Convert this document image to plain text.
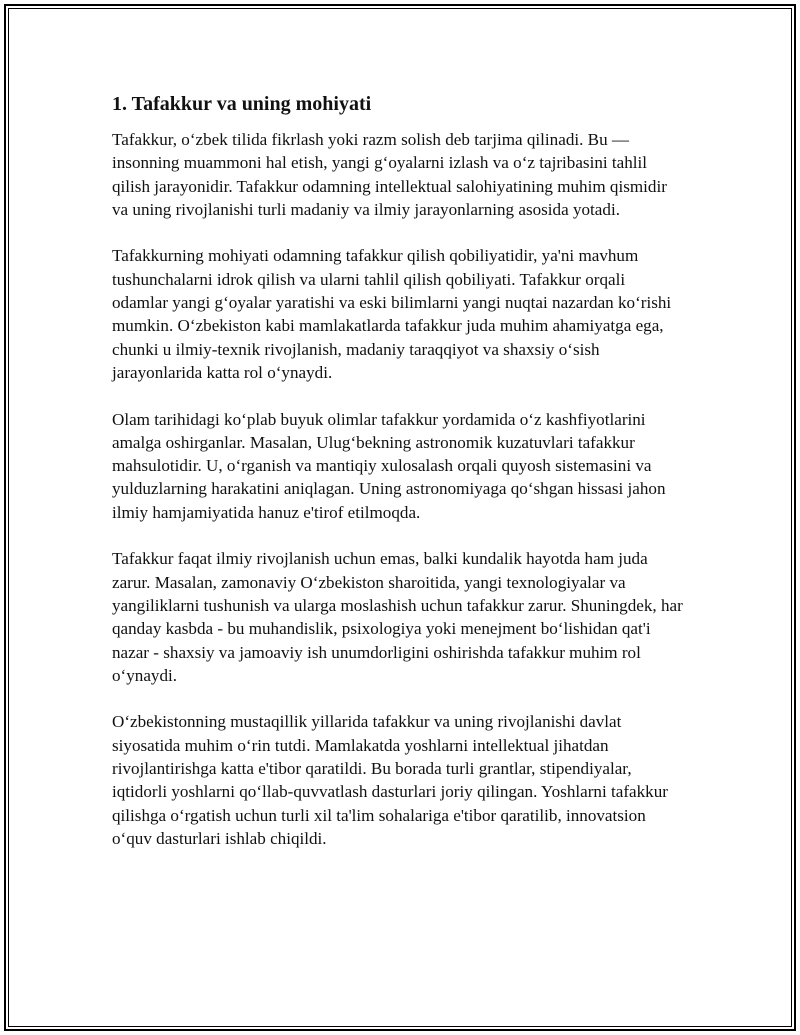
1. Tafakkur va uning mohiyati

Tafakkur, o‘zbek tilida fikrlash yoki razm solish deb tarjima qilinadi. Bu — insonning muammoni hal etish, yangi g‘oyalarni izlash va o‘z tajribasini tahlil qilish jarayonidir. Tafakkur odamning intellektual salohiyatining muhim qismidir va uning rivojlanishi turli madaniy va ilmiy jarayonlarning asosida yotadi.

Tafakkurning mohiyati odamning tafakkur qilish qobiliyatidir, ya'ni mavhum tushunchalarni idrok qilish va ularni tahlil qilish qobiliyati. Tafakkur orqali odamlar yangi g‘oyalar yaratishi va eski bilimlarni yangi nuqtai nazardan ko‘rishi mumkin. O‘zbekiston kabi mamlakatlarda tafakkur juda muhim ahamiyatga ega, chunki u ilmiy-texnik rivojlanish, madaniy taraqqiyot va shaxsiy o‘sish jarayonlarida katta rol o‘ynaydi.

Olam tarihidagi ko‘plab buyuk olimlar tafakkur yordamida o‘z kashfiyotlarini amalga oshirganlar. Masalan, Ulug‘bekning astronomik kuzatuvlari tafakkur mahsulotidir. U, o‘rganish va mantiqiy xulosalash orqali quyosh sistemasini va yulduzlarning harakatini aniqlagan. Uning astronomiyaga qo‘shgan hissasi jahon ilmiy hamjamiyatida hanuz e'tirof etilmoqda.

Tafakkur faqat ilmiy rivojlanish uchun emas, balki kundalik hayotda ham juda zarur. Masalan, zamonaviy O‘zbekiston sharoitida, yangi texnologiyalar va yangiliklarni tushunish va ularga moslashish uchun tafakkur zarur. Shuningdek, har qanday kasbda - bu muhandislik, psixologiya yoki menejment bo‘lishidan qat'i nazar - shaxsiy va jamoaviy ish unumdorligini oshirishda tafakkur muhim rol o‘ynaydi.

O‘zbekistonning mustaqillik yillarida tafakkur va uning rivojlanishi davlat siyosatida muhim o‘rin tutdi. Mamlakatda yoshlarni intellektual jihatdan rivojlantirishga katta e'tibor qaratildi. Bu borada turli grantlar, stipendiyalar, iqtidorli yoshlarni qo‘llab-quvvatlash dasturlari joriy qilingan. Yoshlarni tafakkur qilishga o‘rgatish uchun turli xil ta'lim sohalariga e'tibor qaratilib, innovatsion o‘quv dasturlari ishlab chiqildi.
